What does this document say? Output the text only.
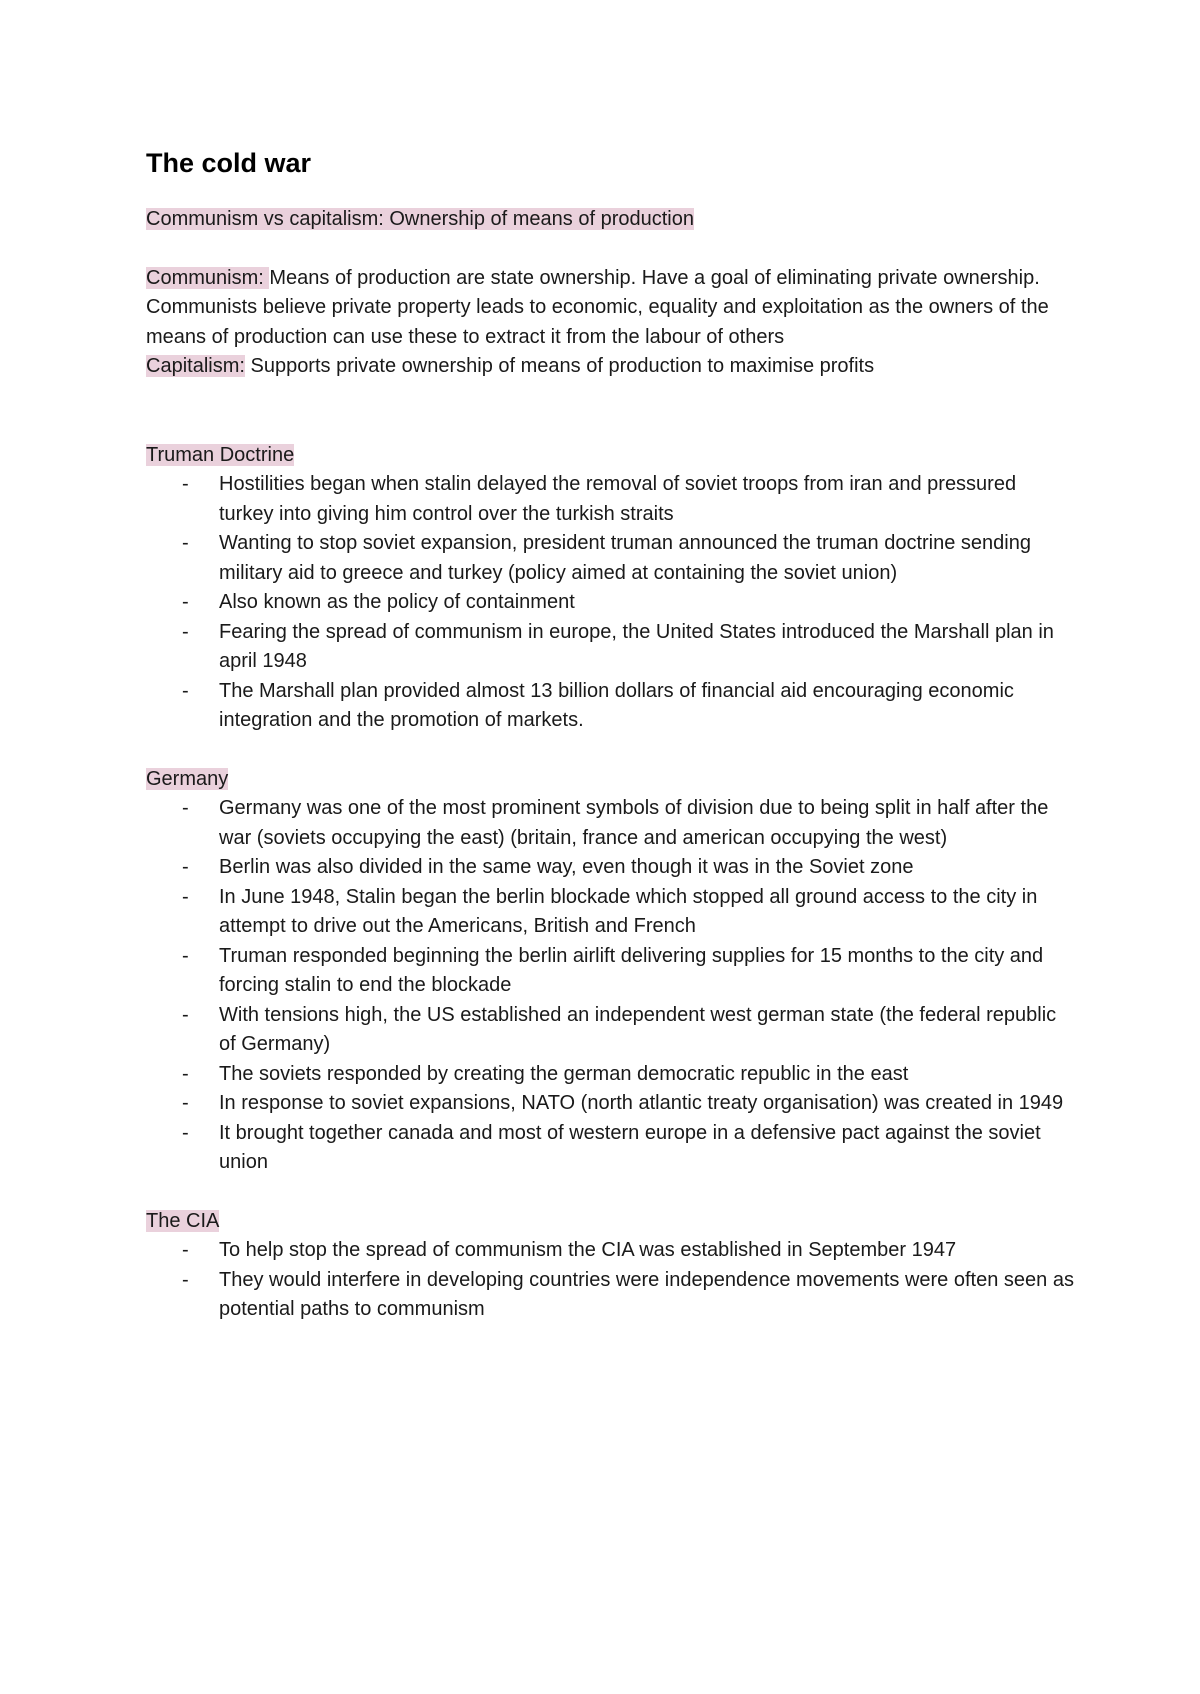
The cold war

Communism vs capitalism: Ownership of means of production

Communism: Means of production are state ownership. Have a goal of eliminating private ownership. Communists believe private property leads to economic, equality and exploitation as the owners of the means of production can use these to extract it from the labour of others

Capitalism: Supports private ownership of means of production to maximise profits

Truman Doctrine

- Hostilities began when stalin delayed the removal of soviet troops from iran and pressured turkey into giving him control over the turkish straits
- Wanting to stop soviet expansion, president truman announced the truman doctrine sending military aid to greece and turkey (policy aimed at containing the soviet union)
- Also known as the policy of containment
- Fearing the spread of communism in europe, the United States introduced the Marshall plan in april 1948
- The Marshall plan provided almost 13 billion dollars of financial aid encouraging economic integration and the promotion of markets.

Germany

- Germany was one of the most prominent symbols of division due to being split in half after the war (soviets occupying the east) (britain, france and american occupying the west)
- Berlin was also divided in the same way, even though it was in the Soviet zone
- In June 1948, Stalin began the berlin blockade which stopped all ground access to the city in attempt to drive out the Americans, British and French
- Truman responded beginning the berlin airlift delivering supplies for 15 months to the city and forcing stalin to end the blockade
- With tensions high, the US established an independent west german state (the federal republic of Germany)
- The soviets responded by creating the german democratic republic in the east
- In response to soviet expansions, NATO (north atlantic treaty organisation) was created in 1949
- It brought together canada and most of western europe in a defensive pact against the soviet union

The CIA

- To help stop the spread of communism the CIA was established in September 1947
- They would interfere in developing countries were independence movements were often seen as potential paths to communism
